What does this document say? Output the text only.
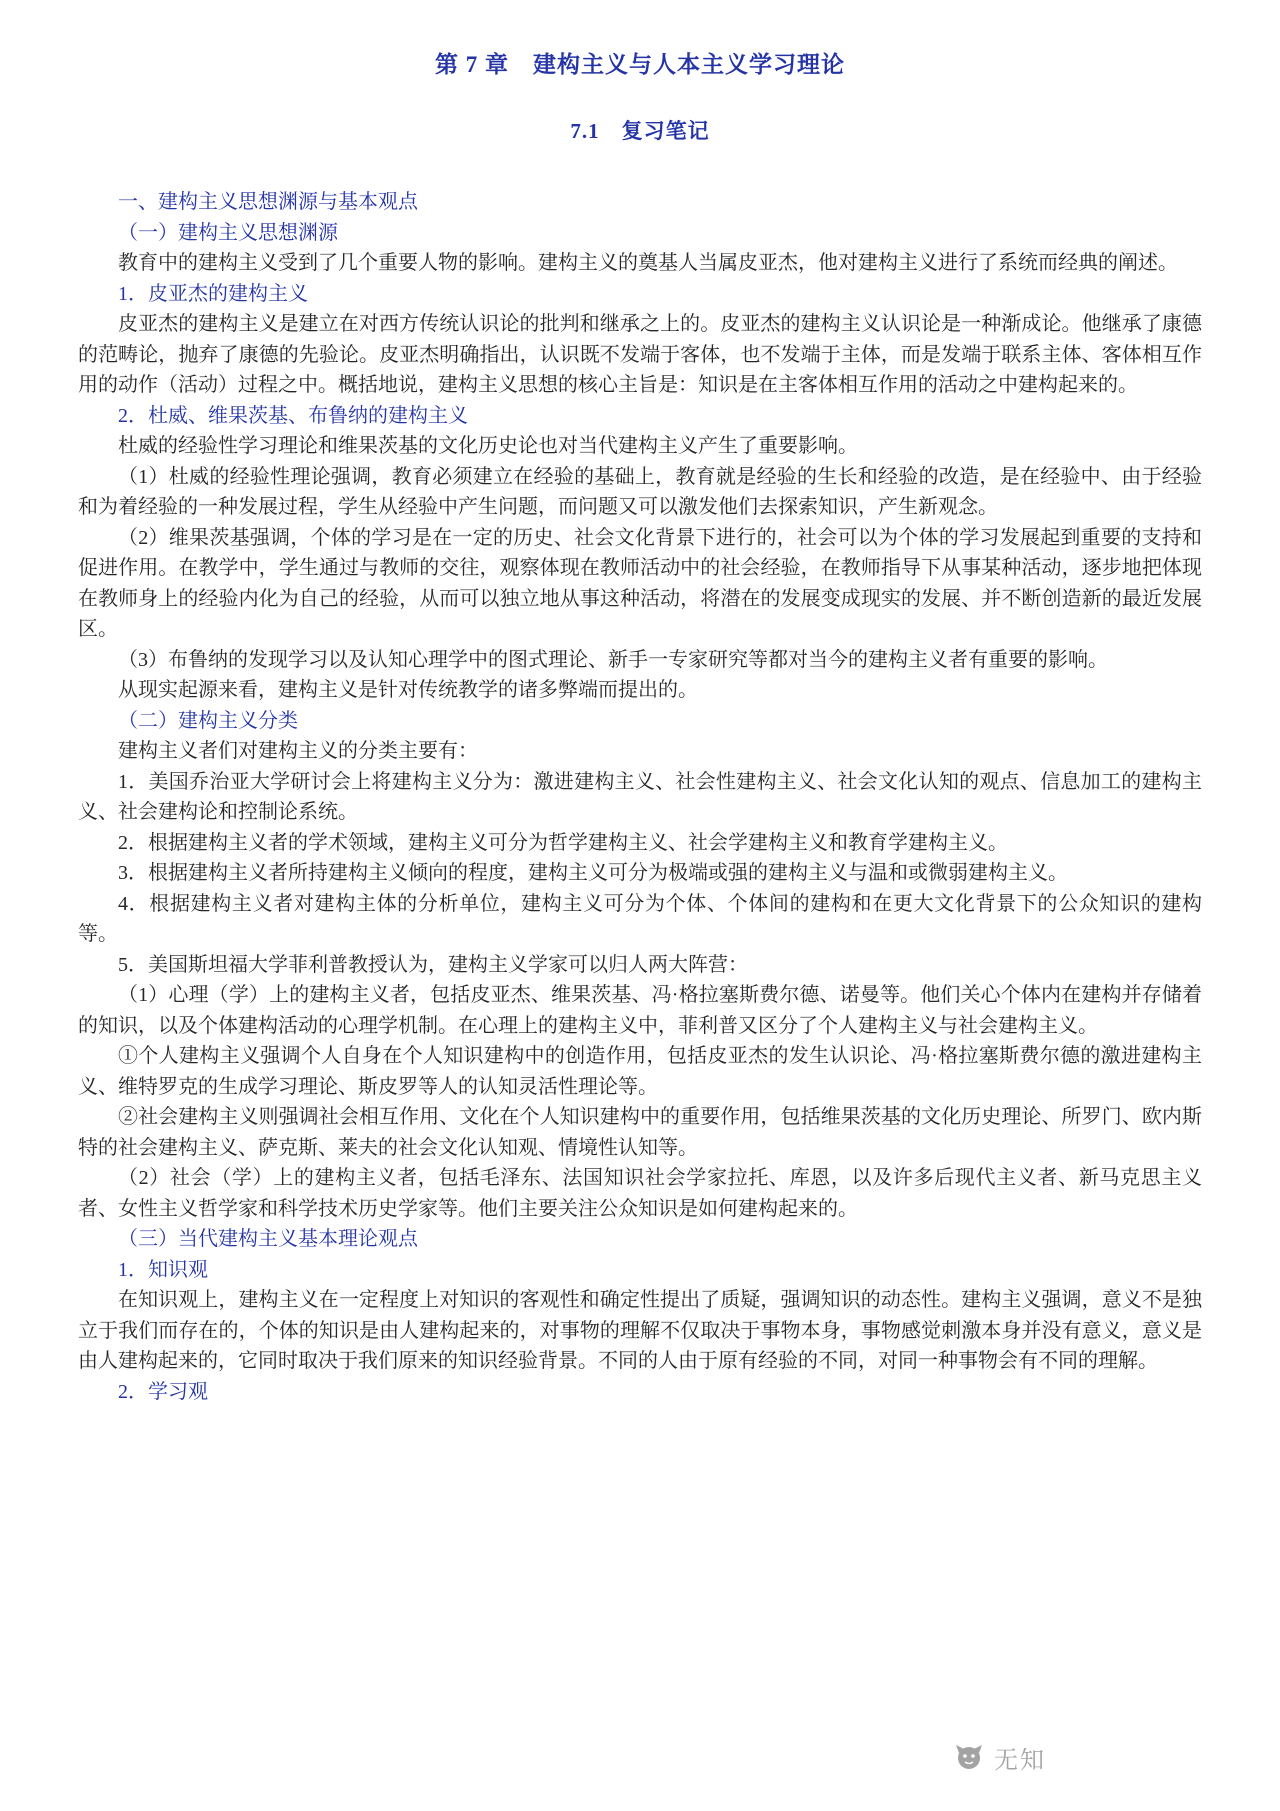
第 7 章　建构主义与人本主义学习理论
7.1　复习笔记

一、建构主义思想渊源与基本观点

（一）建构主义思想渊源

教育中的建构主义受到了几个重要人物的影响。建构主义的奠基人当属皮亚杰，他对建构主义进行了系统而经典的阐述。

1．皮亚杰的建构主义

皮亚杰的建构主义是建立在对西方传统认识论的批判和继承之上的。皮亚杰的建构主义认识论是一种渐成论。他继承了康德的范畴论，抛弃了康德的先验论。皮亚杰明确指出，认识既不发端于客体，也不发端于主体，而是发端于联系主体、客体相互作用的动作（活动）过程之中。概括地说，建构主义思想的核心主旨是：知识是在主客体相互作用的活动之中建构起来的。

2．杜威、维果茨基、布鲁纳的建构主义

杜威的经验性学习理论和维果茨基的文化历史论也对当代建构主义产生了重要影响。

（1）杜威的经验性理论强调，教育必须建立在经验的基础上，教育就是经验的生长和经验的改造，是在经验中、由于经验和为着经验的一种发展过程，学生从经验中产生问题，而问题又可以激发他们去探索知识，产生新观念。

（2）维果茨基强调，个体的学习是在一定的历史、社会文化背景下进行的，社会可以为个体的学习发展起到重要的支持和促进作用。在教学中，学生通过与教师的交往，观察体现在教师活动中的社会经验，在教师指导下从事某种活动，逐步地把体现在教师身上的经验内化为自己的经验，从而可以独立地从事这种活动，将潜在的发展变成现实的发展、并不断创造新的最近发展区。

（3）布鲁纳的发现学习以及认知心理学中的图式理论、新手一专家研究等都对当今的建构主义者有重要的影响。

从现实起源来看，建构主义是针对传统教学的诸多弊端而提出的。

（二）建构主义分类

建构主义者们对建构主义的分类主要有：

1．美国乔治亚大学研讨会上将建构主义分为：激进建构主义、社会性建构主义、社会文化认知的观点、信息加工的建构主义、社会建构论和控制论系统。

2．根据建构主义者的学术领域，建构主义可分为哲学建构主义、社会学建构主义和教育学建构主义。

3．根据建构主义者所持建构主义倾向的程度，建构主义可分为极端或强的建构主义与温和或微弱建构主义。

4．根据建构主义者对建构主体的分析单位，建构主义可分为个体、个体间的建构和在更大文化背景下的公众知识的建构等。

5．美国斯坦福大学菲利普教授认为，建构主义学家可以归人两大阵营：

（1）心理（学）上的建构主义者，包括皮亚杰、维果茨基、冯·格拉塞斯费尔德、诺曼等。他们关心个体内在建构并存储着的知识，以及个体建构活动的心理学机制。在心理上的建构主义中，菲利普又区分了个人建构主义与社会建构主义。

①个人建构主义强调个人自身在个人知识建构中的创造作用，包括皮亚杰的发生认识论、冯·格拉塞斯费尔德的激进建构主义、维特罗克的生成学习理论、斯皮罗等人的认知灵活性理论等。

②社会建构主义则强调社会相互作用、文化在个人知识建构中的重要作用，包括维果茨基的文化历史理论、所罗门、欧内斯特的社会建构主义、萨克斯、莱夫的社会文化认知观、情境性认知等。

（2）社会（学）上的建构主义者，包括毛泽东、法国知识社会学家拉托、库恩，以及许多后现代主义者、新马克思主义者、女性主义哲学家和科学技术历史学家等。他们主要关注公众知识是如何建构起来的。

（三）当代建构主义基本理论观点

1．知识观

在知识观上，建构主义在一定程度上对知识的客观性和确定性提出了质疑，强调知识的动态性。建构主义强调，意义不是独立于我们而存在的，个体的知识是由人建构起来的，对事物的理解不仅取决于事物本身，事物感觉刺激本身并没有意义，意义是由人建构起来的，它同时取决于我们原来的知识经验背景。不同的人由于原有经验的不同，对同一种事物会有不同的理解。

2．学习观

无知
